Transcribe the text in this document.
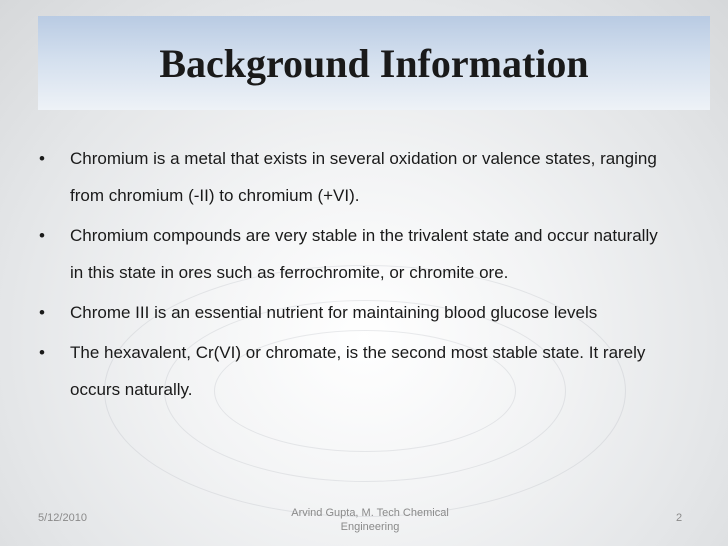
Background Information
• Chromium is a metal that exists in several oxidation or valence states, ranging from chromium (-II) to chromium (+VI).
• Chromium compounds are very stable in the trivalent state and occur naturally in this state in ores such as ferrochromite, or chromite ore.
• Chrome III is an essential nutrient for maintaining blood glucose levels
• The hexavalent, Cr(VI) or chromate, is the second most stable state. It rarely occurs naturally.
5/12/2010	Arvind Gupta, M. Tech Chemical Engineering
2
